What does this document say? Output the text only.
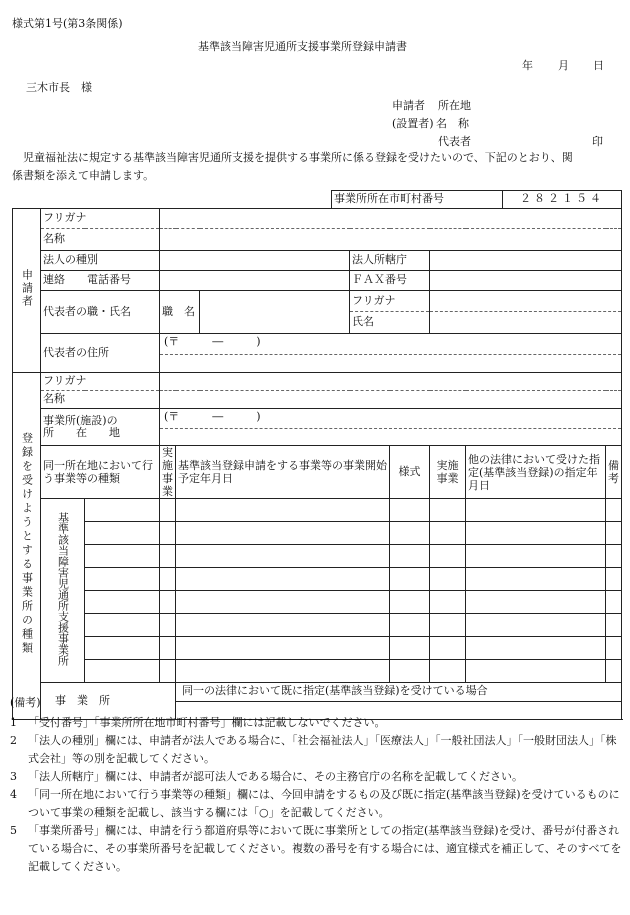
様式第1号(第3条関係)
基準該当障害児通所支援事業所登録申請書
年 月 日
三木市長　様
申請者 所在地
(設置者) 名　称
代表者	印
　児童福祉法に規定する基準該当障害児通所支援を提供する事業所に係る登録を受けたいので、下記のとおり、関
係書類を添えて申請します。
事業所所在市町村番号	２８２１５４
申請者	フリガナ									

名称									

法人の種別					法人所轄庁				

	連絡 電話番号					ＦＡＸ番号				

代表者の職・氏名		職　名			フリガナ
氏名				

代表者の住所		(〒　　　―　　　)							

登録を受けようとする事業所の種類	フリガナ									

名称									

	事業所(施設)の
所　　在　　地		(〒　　　―　　　)							

	同一所在地において行う事業等の種類		実施事業	基準該当登録申請をする事業等の事業開始予定年月日			様式	実施事業	他の法律において受けた指定(基準該当登録)の指定年月日	備考
	基準該当障害児通所支援事業所									

事　業　所			同一の法律において既に指定(基準該当登録)を受けている場合						
(備考)
1	「受付番号」「事業所所在地市町村番号」欄には記載しないでください。
2	「法人の種別」欄には、申請者が法人である場合に、「社会福祉法人」「医療法人」「一般社団法人」「一般財団法人」「株式会社」等の別を記載してください。
3	「法人所轄庁」欄には、申請者が認可法人である場合に、その主務官庁の名称を記載してください。
4	「同一所在地において行う事業等の種類」欄には、今回申請をするもの及び既に指定(基準該当登録)を受けているものについて事業の種類を記載し、該当する欄には「○」を記載してください。
5	「事業所番号」欄には、申請を行う都道府県等において既に事業所としての指定(基準該当登録)を受け、番号が付番されている場合に、その事業所番号を記載してください。複数の番号を有する場合には、適宜様式を補正して、そのすべてを記載してください。
